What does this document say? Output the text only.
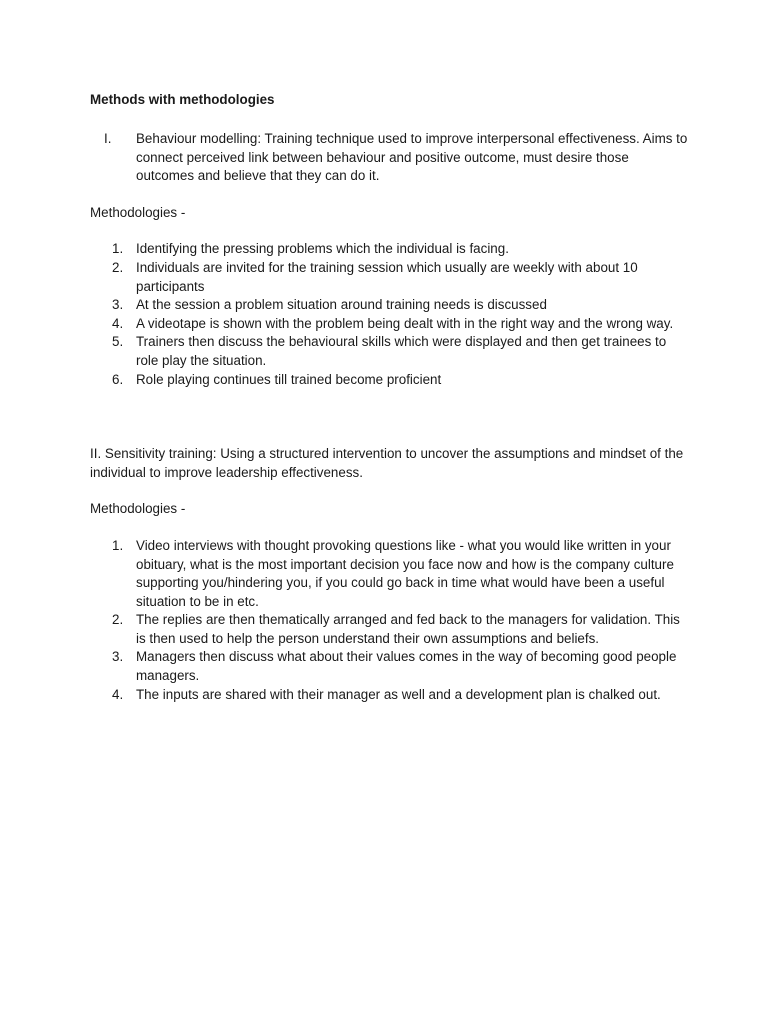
Methods with methodologies

I. Behaviour modelling: Training technique used to improve interpersonal effectiveness. Aims to connect perceived link between behaviour and positive outcome, must desire those outcomes and believe that they can do it.

Methodologies -

1. Identifying the pressing problems which the individual is facing.
2. Individuals are invited for the training session which usually are weekly with about 10 participants
3. At the session a problem situation around training needs is discussed
4. A videotape is shown with the problem being dealt with in the right way and the wrong way.
5. Trainers then discuss the behavioural skills which were displayed and then get trainees to role play the situation.
6. Role playing continues till trained become proficient

II. Sensitivity training: Using a structured intervention to uncover the assumptions and mindset of the individual to improve leadership effectiveness.

Methodologies -

1. Video interviews with thought provoking questions like - what you would like written in your obituary, what is the most important decision you face now and how is the company culture supporting you/hindering you, if you could go back in time what would have been a useful situation to be in etc.
2. The replies are then thematically arranged and fed back to the managers for validation. This is then used to help the person understand their own assumptions and beliefs.
3. Managers then discuss what about their values comes in the way of becoming good people managers.
4. The inputs are shared with their manager as well and a development plan is chalked out.
